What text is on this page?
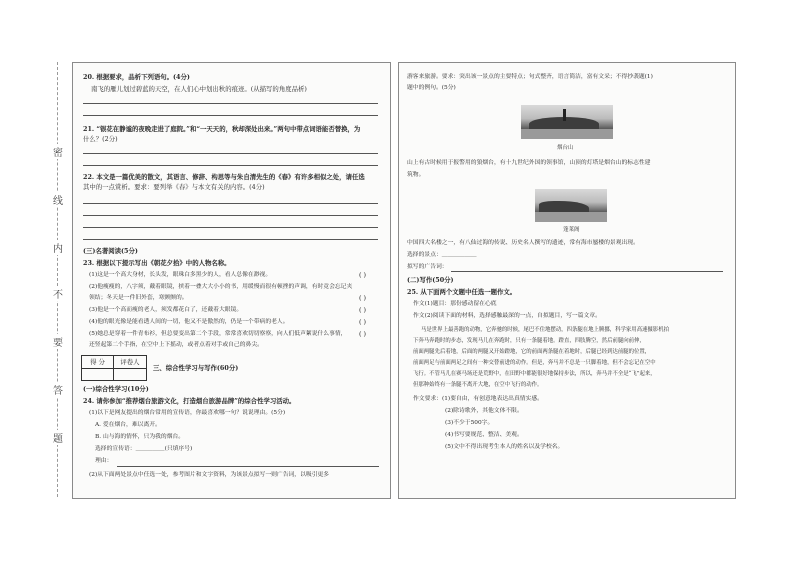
密
线
内
不
要
答
题
20. 根据要求，品析下列语句。(4分)
南飞的雁儿划过碧蓝的天空，在人们心中划出秋的痕迹。(从描写的角度品析)
21. “银花在静谧的夜晚走进了庭院。”和“一天天的，秋却深处出来。”两句中带点词语能否替换，为
什么？(2分)
22. 本文是一篇优美的散文，其语言、修辞、构思等与朱自清先生的《春》有许多相似之处，请任选
其中的一点赏析。要求：要列举《春》与本文有关的内容。(4分)
(三)名著阅读(5分)
23. 根据以下提示写出《朝花夕拾》中的人物名称。
(1)这是一个高大身材，长头发，眼珠白多黑少的人，看人总像在渺视。	( )
(2)他瘦瘦的，八字须，戴着眼镜，挟着一叠大大小小的书，用缓慢而很有顿挫的声调，有时竟会忘记夹
领结；冬天是一件旧外套，寒颤颤的。	( )
(3)他是一个高而瘦的老人，须发都花白了，还戴着大眼镜。	( )
(4)他的眼光像是能看透人间的一切，他又不是傲然的，仍是一个带病的老人。	( )
(5)她总是穿着一件青布衫，但总要变出第二个手段，常常喜欢切切察察，向人们低声絮说什么事情， ( )
还竖起第二个手指，在空中上下摇动，或者点着对手或自己的鼻尖。
得 分	评卷人
三、综合性学习与写作(60分)
(一)综合性学习(10分)
24. 请你参加“推荐烟台旅游文化，打造烟台旅游品牌”的综合性学习活动。
(1)以下是网友提出的烟台常用的宣传语，你最喜欢哪一句？说说理由。(5分)
A. 爱在烟台，难以离开。
B. 山与海的情怀，只为我的烟台。
选择的宣传语：＿＿＿＿＿(只填序号)
理由：
(2)从下面两处景点中任选一处，参考图片和文字资料，为该景点拟写一则广告词，以吸引更多
游客来旅游。要求：突出该一景点的主要特点；句式整齐，语言简洁，富有文采；不得抄袭题(1)
题中的例句。(5分)
烟台山
山上有古时候用于报警用的狼烟台，有十九世纪外国的领事馆，山顶的灯塔是烟台山的标志性建
筑物。
蓬莱阁
中国四大名楼之一，有八仙过海的传说、历史名人撰写的遗迹，常有海市蜃楼的景观出现。
选择的景点：＿＿＿＿＿＿
拟写的广告词：
(二)写作(50分)
25. 从下面两个文题中任选一题作文。
作文(1)题目：那份感动留在心底
作文(2)阅读下面的材料，选择感触最深的一点，自拟题目，写一篇文章。
马是世界上最善跑的动物，它奔驰的时候，尾巴不住地摆动，四条腿在地上腾挪，科学家用高速摄影机拍
下奔马奔跑时的步态，发现马儿在奔跑时，只有一条腿着地。蹬直，四肢腾空，然后前腿向前伸，
前面两腿先后着地，后面的两腿又开始蹬地，它的前面两条腿在着地时，后腿已经到达前腿的位置，
前面两足与前面两足之间有一种交替前进的动作。但是，奔马并不总是一只脚着地，但不会忘记在空中
飞行。不管马儿在赛马场还是荒野中，在田野中都能很好地保持步法，所以，奔马并不全是“飞”起来，
但那种始终有一条腿不离开大地，在空中飞行的动作。
作文要求：(1)要自由，有创意地表达出真情实感。
(2)除诗歌外，其他文体不限。
(3)不少于500字。
(4)书写要规范、整洁、美观。
(5)文中不得出现考生本人的姓名以及学校名。
